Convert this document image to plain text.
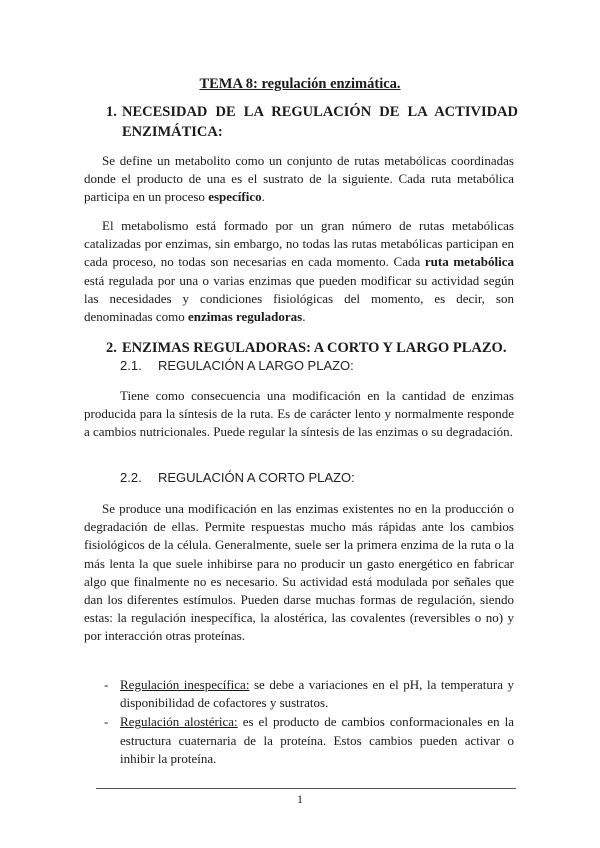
TEMA 8: regulación enzimática.
1. NECESIDAD DE LA REGULACIÓN DE LA ACTIVIDAD ENZIMÁTICA:

Se define un metabolito como un conjunto de rutas metabólicas coordinadas donde el producto de una es el sustrato de la siguiente. Cada ruta metabólica participa en un proceso específico.

El metabolismo está formado por un gran número de rutas metabólicas catalizadas por enzimas, sin embargo, no todas las rutas metabólicas participan en cada proceso, no todas son necesarias en cada momento. Cada ruta metabólica está regulada por una o varias enzimas que pueden modificar su actividad según las necesidades y condiciones fisiológicas del momento, es decir, son denominadas como enzimas reguladoras.

2. ENZIMAS REGULADORAS: A CORTO Y LARGO PLAZO.
2.1. REGULACIÓN A LARGO PLAZO:

Tiene como consecuencia una modificación en la cantidad de enzimas producida para la síntesis de la ruta. Es de carácter lento y normalmente responde a cambios nutricionales. Puede regular la síntesis de las enzimas o su degradación.

2.2. REGULACIÓN A CORTO PLAZO:

Se produce una modificación en las enzimas existentes no en la producción o degradación de ellas. Permite respuestas mucho más rápidas ante los cambios fisiológicos de la célula. Generalmente, suele ser la primera enzima de la ruta o la más lenta la que suele inhibirse para no producir un gasto energético en fabricar algo que finalmente no es necesario. Su actividad está modulada por señales que dan los diferentes estímulos. Pueden darse muchas formas de regulación, siendo estas: la regulación inespecífica, la alostérica, las covalentes (reversibles o no) y por interacción otras proteínas.

- Regulación inespecífica: se debe a variaciones en el pH, la temperatura y disponibilidad de cofactores y sustratos.
- Regulación alostérica: es el producto de cambios conformacionales en la estructura cuaternaria de la proteína. Estos cambios pueden activar o inhibir la proteína.
1
